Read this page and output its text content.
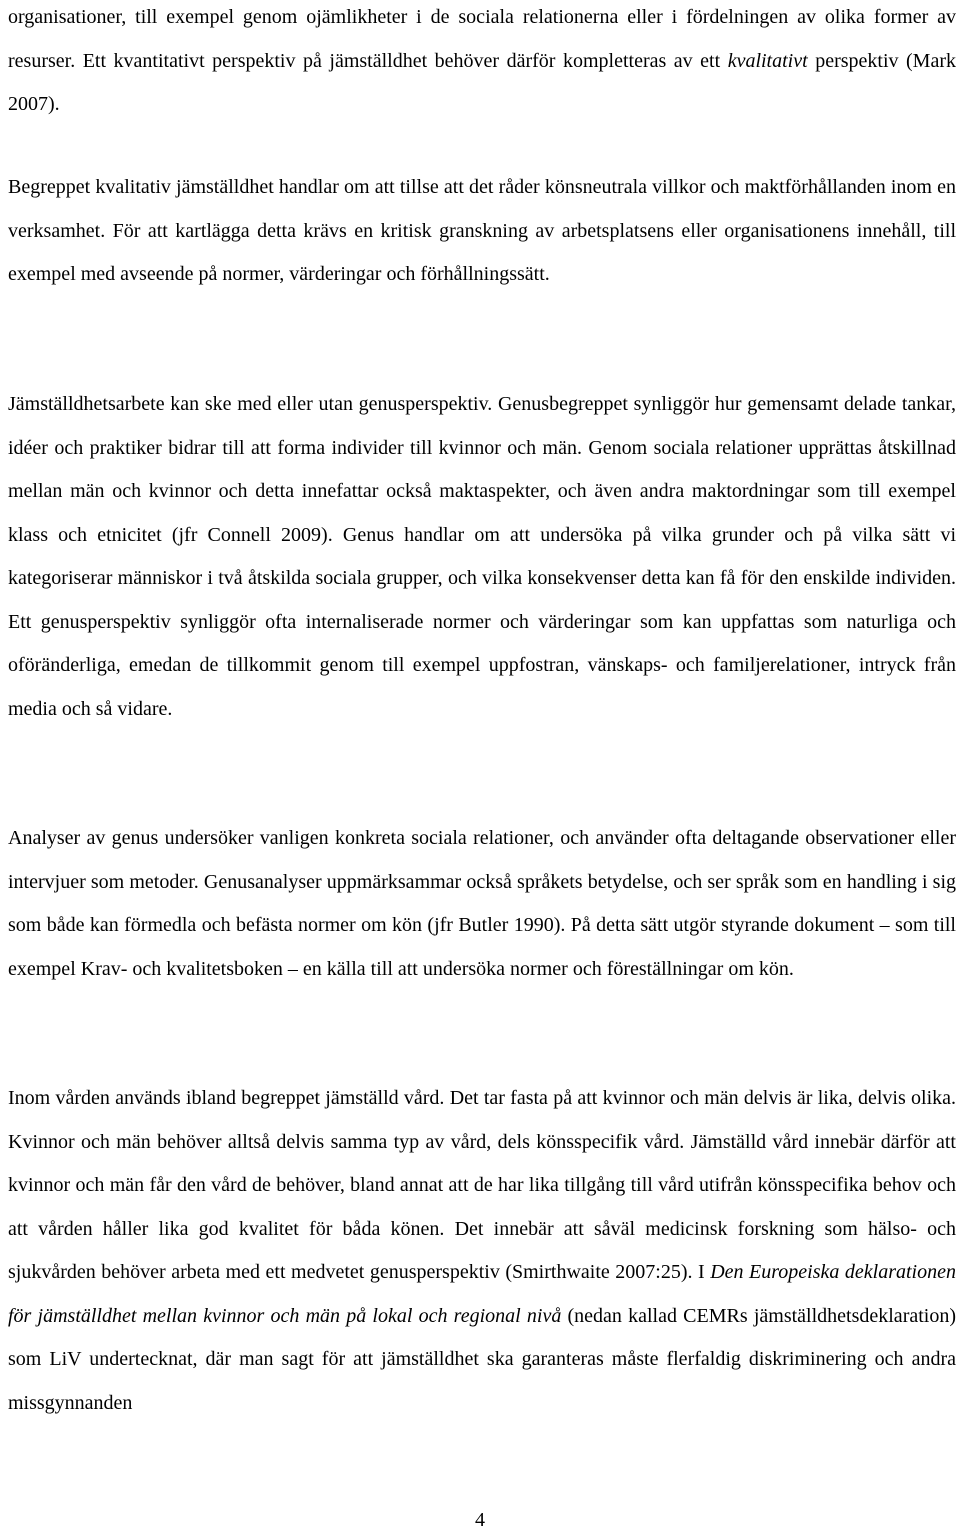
organisationer, till exempel genom ojämlikheter i de sociala relationerna eller i fördelningen av olika former av resurser. Ett kvantitativt perspektiv på jämställdhet behöver därför kompletteras av ett kvalitativt perspektiv (Mark 2007).

Begreppet kvalitativ jämställdhet handlar om att tillse att det råder könsneutrala villkor och maktförhållanden inom en verksamhet. För att kartlägga detta krävs en kritisk granskning av arbetsplatsens eller organisationens innehåll, till exempel med avseende på normer, värderingar och förhållningssätt.

Jämställdhetsarbete kan ske med eller utan genusperspektiv. Genusbegreppet synliggör hur gemensamt delade tankar, idéer och praktiker bidrar till att forma individer till kvinnor och män. Genom sociala relationer upprättas åtskillnad mellan män och kvinnor och detta innefattar också maktaspekter, och även andra maktordningar som till exempel klass och etnicitet (jfr Connell 2009). Genus handlar om att undersöka på vilka grunder och på vilka sätt vi kategoriserar människor i två åtskilda sociala grupper, och vilka konsekvenser detta kan få för den enskilde individen. Ett genusperspektiv synliggör ofta internaliserade normer och värderingar som kan uppfattas som naturliga och oföränderliga, emedan de tillkommit genom till exempel uppfostran, vänskaps- och familjerelationer, intryck från media och så vidare.

Analyser av genus undersöker vanligen konkreta sociala relationer, och använder ofta deltagande observationer eller intervjuer som metoder. Genusanalyser uppmärksammar också språkets betydelse, och ser språk som en handling i sig som både kan förmedla och befästa normer om kön (jfr Butler 1990). På detta sätt utgör styrande dokument – som till exempel Krav- och kvalitetsboken – en källa till att undersöka normer och föreställningar om kön.

Inom vården används ibland begreppet jämställd vård. Det tar fasta på att kvinnor och män delvis är lika, delvis olika. Kvinnor och män behöver alltså delvis samma typ av vård, dels könsspecifik vård. Jämställd vård innebär därför att kvinnor och män får den vård de behöver, bland annat att de har lika tillgång till vård utifrån könsspecifika behov och att vården håller lika god kvalitet för båda könen. Det innebär att såväl medicinsk forskning som hälso- och sjukvården behöver arbeta med ett medvetet genusperspektiv (Smirthwaite 2007:25). I Den Europeiska deklarationen för jämställdhet mellan kvinnor och män på lokal och regional nivå (nedan kallad CEMRs jämställdhetsdeklaration) som LiV undertecknat, där man sagt för att jämställdhet ska garanteras måste flerfaldig diskriminering och andra missgynnanden

4
